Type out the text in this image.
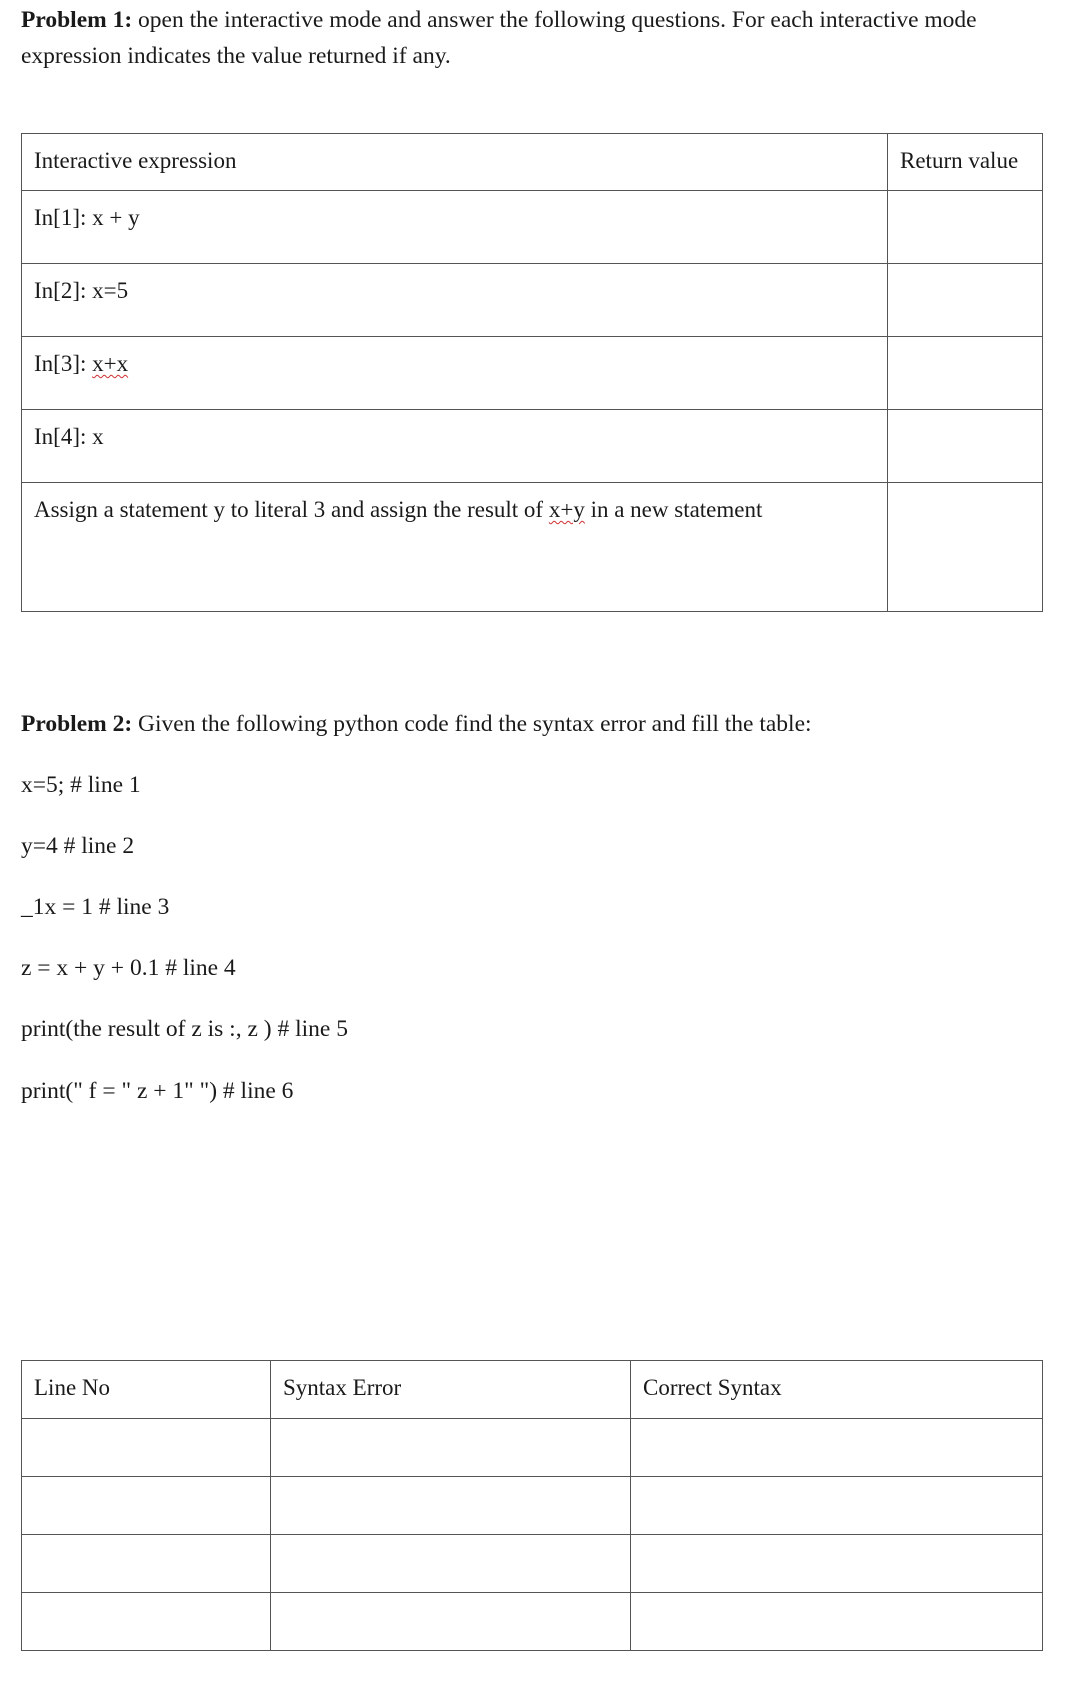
Problem 1: open the interactive mode and answer the following questions. For each interactive mode expression indicates the value returned if any.
Interactive expression	Return value

In[1]: x + y	

In[2]: x=5	

In[3]: x+x	

In[4]: x	

Assign a statement y to literal 3 and assign the result of x+y in a new statement	

Problem 2: Given the following python code find the syntax error and fill the table:
x=5; # line 1
y=4 # line 2
_1x = 1 # line 3
z = x + y + 0.1 # line 4
print(the result of z is :, z ) # line 5
print(" f = " z + 1" ") # line 6
Line No	Syntax Error	Correct Syntax
